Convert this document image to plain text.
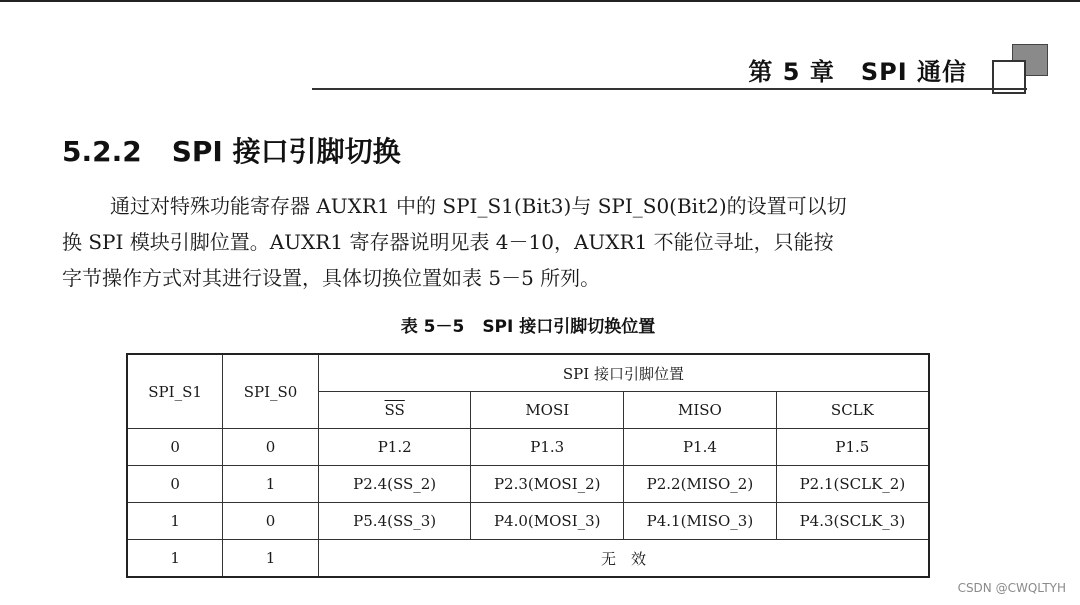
第 5 章 SPI 通信
5.2.2 SPI 接口引脚切换

通过对特殊功能寄存器 AUXR1 中的 SPI_S1(Bit3)与 SPI_S0(Bit2)的设置可以切

换 SPI 模块引脚位置。AUXR1 寄存器说明见表 4－10，AUXR1 不能位寻址，只能按

字节操作方式对其进行设置，具体切换位置如表 5－5 所列。

表 5－5 SPI 接口引脚切换位置
SPI_S1	SPI_S0	SPI 接口引脚位置			
		$\overline{SS}$	MOSI	MISO	SCLK
0	0	P1.2	P1.3	P1.4	P1.5
0	1	P2.4(SS_2)	P2.3(MOSI_2)	P2.2(MISO_2)	P2.1(SCLK_2)
1	0	P5.4(SS_3)	P4.0(MOSI_3)	P4.1(MISO_3)	P4.3(SCLK_3)
1	1	无　效			
CSDN @CWQLTYH
